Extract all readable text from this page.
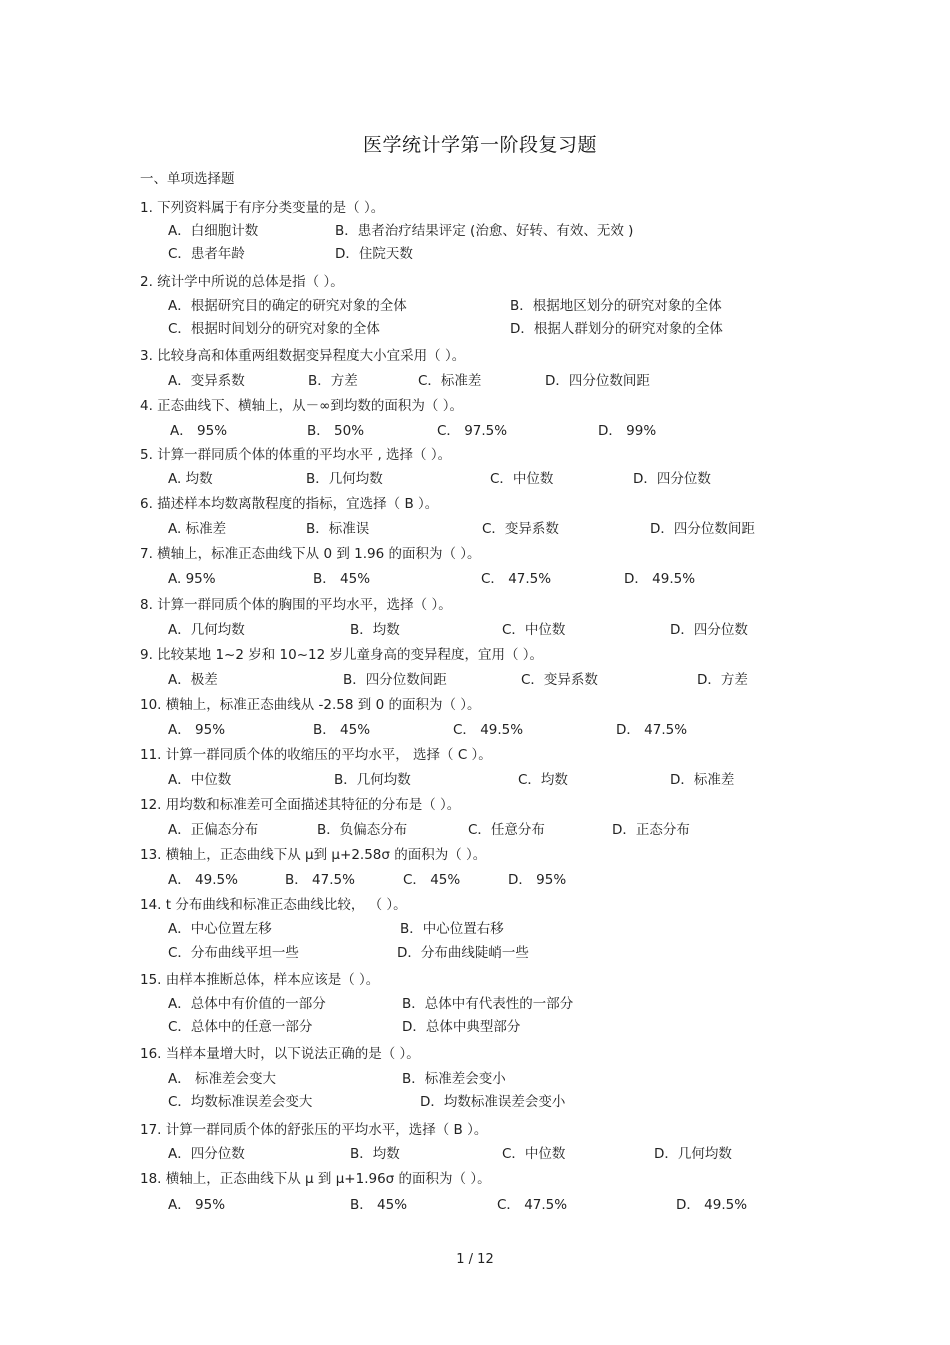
医学统计学第一阶段复习题
一、单项选择题
1. 下列资料属于有序分类变量的是（ ）。
A．白细胞计数	B．患者治疗结果评定 (治愈、好转、有效、无效 )
C．患者年龄	D．住院天数
2. 统计学中所说的总体是指（ ）。
A．根据研究目的确定的研究对象的全体	B．根据地区划分的研究对象的全体
C．根据时间划分的研究对象的全体	D．根据人群划分的研究对象的全体
3. 比较身高和体重两组数据变异程度大小宜采用（ ）。
A．变异系数	B．方差	C．标准差	D．四分位数间距
4. 正态曲线下、横轴上，从－∞到均数的面积为（ ）。
A． 95%	B． 50%	C． 97.5%	D． 99%
5. 计算一群同质个体的体重的平均水平 , 选择（ ）。
A. 均数	B．几何均数	C．中位数	D．四分位数
6. 描述样本均数离散程度的指标，宜选择（ B ）。
A. 标准差	B．标准误	C．变异系数	D．四分位数间距
7. 横轴上，标准正态曲线下从 0 到 1.96 的面积为（ ）。
A. 95%	B． 45%	C． 47.5%	D． 49.5%
8. 计算一群同质个体的胸围的平均水平，选择（ ）。
A．几何均数	B．均数	C．中位数	D．四分位数
9. 比较某地 1~2 岁和 10~12 岁儿童身高的变异程度，宜用（ ）。
A．极差	B．四分位数间距	C．变异系数	D．方差
10. 横轴上，标准正态曲线从 -2.58 到 0 的面积为（ ）。
A． 95%	B． 45%	C． 49.5%	D． 47.5%
11. 计算一群同质个体的收缩压的平均水平， 选择（ C ）。
A．中位数	B．几何均数	C．均数	D．标准差
12. 用均数和标准差可全面描述其特征的分布是（ ）。
A．正偏态分布	B．负偏态分布	C．任意分布	D．正态分布
13. 横轴上，正态曲线下从 μ到 μ+2.58σ 的面积为（ ）。
A． 49.5%	B． 47.5%	C． 45%	D． 95%
14. t 分布曲线和标准正态曲线比较， （ ）。
A．中心位置左移	B．中心位置右移
C．分布曲线平坦一些	D．分布曲线陡峭一些
15. 由样本推断总体，样本应该是（ ）。
A．总体中有价值的一部分	B．总体中有代表性的一部分
C．总体中的任意一部分	D．总体中典型部分
16. 当样本量增大时，以下说法正确的是（ ）。
A． 标准差会变大	B．标准差会变小
C．均数标准误差会变大	D．均数标准误差会变小
17. 计算一群同质个体的舒张压的平均水平，选择（ B ）。
A．四分位数	B．均数	C．中位数	D．几何均数
18. 横轴上，正态曲线下从 μ 到 μ+1.96σ 的面积为（ ）。
A． 95%	B． 45%	C． 47.5%	D． 49.5%
1 / 12
